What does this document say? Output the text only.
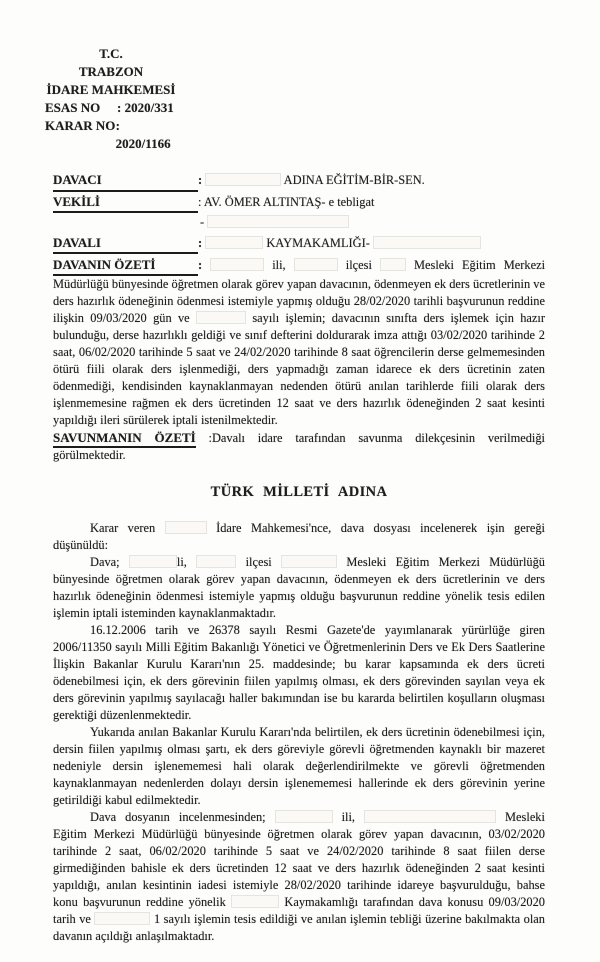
T.C.
TRABZON
İDARE MAHKEMESİ
ESAS NO	: 2020/331
KARAR NO : 2020/1166
DAVACI	:	ADINA EĞİTİM-BİR-SEN.
VEKİLİ	: AV. ÖMER ALTINTAŞ- e tebligat
-
DAVALI	:	KAYMAKAMLIĞI-

DAVANIN ÖZETİ	:	ili,	ilçesi	Mesleki Eğitim Merkezi Müdürlüğü bünyesinde öğretmen olarak görev yapan davacının, ödenmeyen ek ders ücretlerinin ve ders hazırlık ödeneğinin ödenmesi istemiyle yapmış olduğu 28/02/2020 tarihli başvurunun reddine ilişkin 09/03/2020 gün ve	sayılı işlemin; davacının sınıfta ders işlemek için hazır bulunduğu, derse hazırlıklı geldiği ve sınıf defterini doldurarak imza attığı 03/02/2020 tarihinde 2 saat, 06/02/2020 tarihinde 5 saat ve 24/02/2020 tarihinde 8 saat öğrencilerin derse gelmemesinden ötürü fiili olarak ders işlenmediği, ders yapmadığı zaman idarece ek ders ücretinin zaten ödenmediği, kendisinden kaynaklanmayan nedenden ötürü anılan tarihlerde fiili olarak ders işlenmemesine rağmen ek ders ücretinden 12 saat ve ders hazırlık ödeneğinden 2 saat kesinti yapıldığı ileri sürülerek iptali istenilmektedir.

SAVUNMANIN ÖZETİ :Davalı idare tarafından savunma dilekçesinin verilmediği görülmektedir.

TÜRK MİLLETİ ADINA

Karar veren	İdare Mahkemesi'nce, dava dosyası incelenerek işin gereği düşünüldü:

Dava;	li,	ilçesi	Mesleki Eğitim Merkezi Müdürlüğü bünyesinde öğretmen olarak görev yapan davacının, ödenmeyen ek ders ücretlerinin ve ders hazırlık ödeneğinin ödenmesi istemiyle yapmış olduğu başvurunun reddine yönelik tesis edilen işlemin iptali isteminden kaynaklanmaktadır.

16.12.2006 tarih ve 26378 sayılı Resmi Gazete'de yayımlanarak yürürlüğe giren 2006/11350 sayılı Milli Eğitim Bakanlığı Yönetici ve Öğretmenlerinin Ders ve Ek Ders Saatlerine İlişkin Bakanlar Kurulu Kararı'nın 25. maddesinde; bu karar kapsamında ek ders ücreti ödenebilmesi için, ek ders görevinin fiilen yapılmış olması, ek ders görevinden sayılan veya ek ders görevinin yapılmış sayılacağı haller bakımından ise bu kararda belirtilen koşulların oluşması gerektiği düzenlenmektedir.

Yukarıda anılan Bakanlar Kurulu Kararı'nda belirtilen, ek ders ücretinin ödenebilmesi için, dersin fiilen yapılmış olması şartı, ek ders göreviyle görevli öğretmenden kaynaklı bir mazeret nedeniyle dersin işlenememesi hali olarak değerlendirilmekte ve görevli öğretmenden kaynaklanmayan nedenlerden dolayı dersin işlenememesi hallerinde ek ders görevinin yerine getirildiği kabul edilmektedir.

Dava dosyanın incelenmesinden;	ili,	Mesleki Eğitim Merkezi Müdürlüğü bünyesinde öğretmen olarak görev yapan davacının, 03/02/2020 tarihinde 2 saat, 06/02/2020 tarihinde 5 saat ve 24/02/2020 tarihinde 8 saat fiilen derse girmediğinden bahisle ek ders ücretinden 12 saat ve ders hazırlık ödeneğinden 2 saat kesinti yapıldığı, anılan kesintinin iadesi istemiyle 28/02/2020 tarihinde idareye başvurulduğu, bahse konu başvurunun reddine yönelik	Kaymakamlığı tarafından dava konusu 09/03/2020 tarih ve	1 sayılı işlemin tesis edildiği ve anılan işlemin tebliği üzerine bakılmakta olan davanın açıldığı anlaşılmaktadır.
